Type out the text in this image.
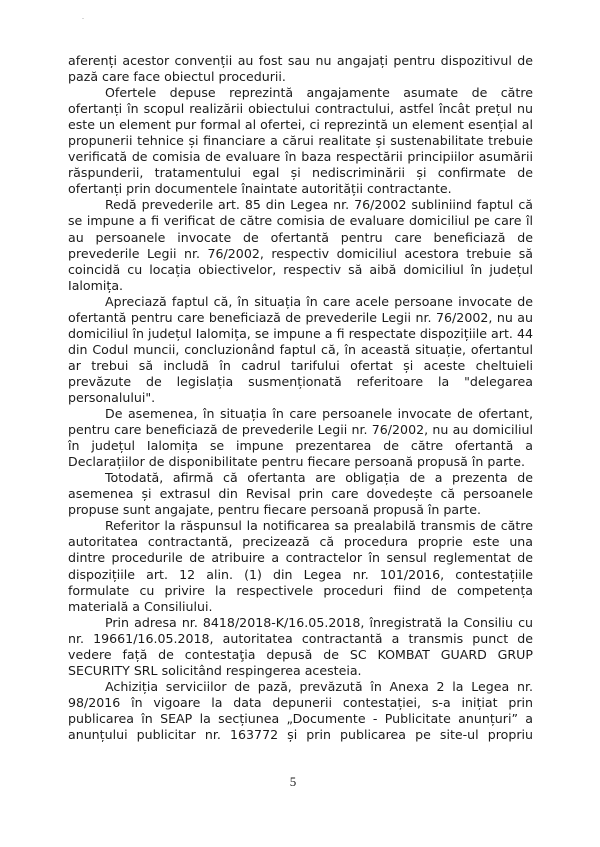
aferenți acestor convenții au fost sau nu angajați pentru dispozitivul de pază care face obiectul procedurii.

Ofertele depuse reprezintă angajamente asumate de către ofertanți în scopul realizării obiectului contractului, astfel încât prețul nu este un element pur formal al ofertei, ci reprezintă un element esențial al propunerii tehnice și financiare a cărui realitate și sustenabilitate trebuie verificată de comisia de evaluare în baza respectării principiilor asumării răspunderii, tratamentului egal și nediscriminării și confirmate de ofertanți prin documentele înaintate autorității contractante.

Redă prevederile art. 85 din Legea nr. 76/2002 subliniind faptul că se impune a fi verificat de către comisia de evaluare domiciliul pe care îl au persoanele invocate de ofertantă pentru care beneficiază de prevederile Legii nr. 76/2002, respectiv domiciliul acestora trebuie să coincidă cu locația obiectivelor, respectiv să aibă domiciliul în județul Ialomița.

Apreciază faptul că, în situația în care acele persoane invocate de ofertantă pentru care beneficiază de prevederile Legii nr. 76/2002, nu au domiciliul în județul Ialomița, se impune a fi respectate dispozițiile art. 44 din Codul muncii, concluzionând faptul că, în această situație, ofertantul ar trebui să includă în cadrul tarifului ofertat și aceste cheltuieli prevăzute de legislația susmenționată referitoare la "delegarea personalului".

De asemenea, în situația în care persoanele invocate de ofertant, pentru care beneficiază de prevederile Legii nr. 76/2002, nu au domiciliul în județul Ialomița se impune prezentarea de către ofertantă a Declarațiilor de disponibilitate pentru fiecare persoană propusă în parte.

Totodată, afirmă că ofertanta are obligația de a prezenta de asemenea și extrasul din Revisal prin care dovedește că persoanele propuse sunt angajate, pentru fiecare persoană propusă în parte.

Referitor la răspunsul la notificarea sa prealabilă transmis de către autoritatea contractantă, precizează că procedura proprie este una dintre procedurile de atribuire a contractelor în sensul reglementat de dispozițiile art. 12 alin. (1) din Legea nr. 101/2016, contestațiile formulate cu privire la respectivele proceduri fiind de competența materială a Consiliului.

Prin adresa nr. 8418/2018-K/16.05.2018, înregistrată la Consiliu cu nr. 19661/16.05.2018, autoritatea contractantă a transmis punct de vedere față de contestaţia depusă de SC KOMBAT GUARD GRUP SECURITY SRL solicitând respingerea acesteia.

Achiziția serviciilor de pază, prevăzută în Anexa 2 la Legea nr. 98/2016 în vigoare la data depunerii contestației, s-a inițiat prin publicarea în SEAP la secțiunea „Documente - Publicitate anunțuri” a anunțului publicitar nr. 163772 și prin publicarea pe site-ul propriu

5
